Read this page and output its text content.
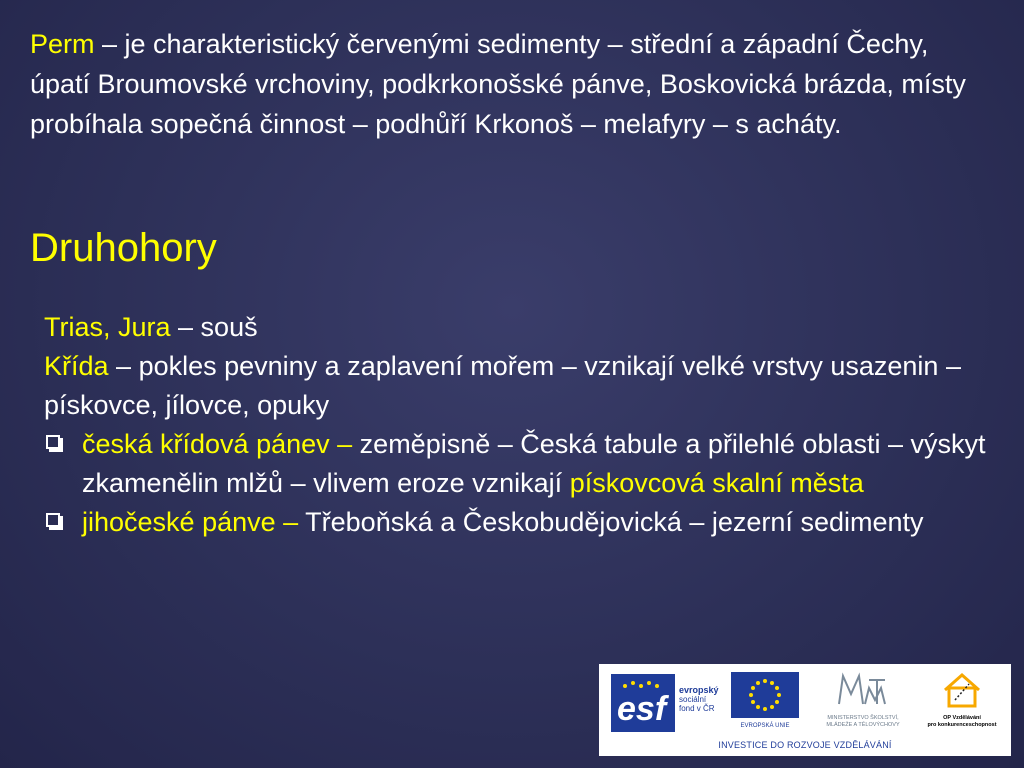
Perm – je charakteristický červenými sedimenty – střední a západní Čechy, úpatí Broumovské vrchoviny, podkrkonošské pánve, Boskovická brázda, místy probíhala sopečná činnost – podhůří Krkonoš – melafyry – s acháty.
Druhohory

Trias, Jura – souš

Křída – pokles pevniny a zaplavení mořem – vznikají velké vrstvy usazenin – pískovce, jílovce, opuky

česká křídová pánev – zeměpisně – Česká tabule a přilehlé oblasti – výskyt zkamenělin mlžů – vlivem eroze vznikají pískovcová skalní města

jihočeské pánve – Třeboňská a Českobudějovická – jezerní sedimenty

esf	evropský
sociální
fond v ČR
EVROPSKÁ UNIE
MINISTERSTVO ŠKOLSTVÍ,
MLÁDEŽE A TĚLOVÝCHOVY
OP Vzdělávání
pro konkurenceschopnost
INVESTICE DO ROZVOJE VZDĚLÁVÁNÍ
